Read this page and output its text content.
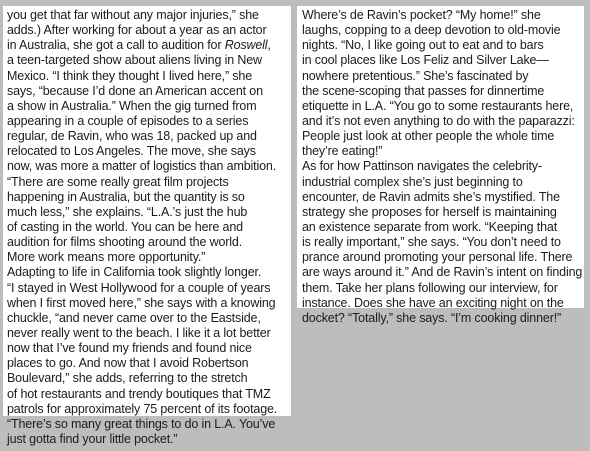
you get that far without any major injuries,” she
adds.) After working for about a year as an actor
in Australia, she got a call to audition for Roswell,
a teen-targeted show about aliens living in New
Mexico. “I think they thought I lived here,” she
says, “because I’d done an American accent on
a show in Australia.” When the gig turned from
appearing in a couple of episodes to a series
regular, de Ravin, who was 18, packed up and
relocated to Los Angeles. The move, she says
now, was more a matter of logistics than ambition.
“There are some really great film projects
happening in Australia, but the quantity is so
much less,” she explains. “L.A.’s just the hub
of casting in the world. You can be here and
audition for films shooting around the world.
More work means more opportunity.”
Adapting to life in California took slightly longer.
“I stayed in West Hollywood for a couple of years
when I first moved here,” she says with a knowing
chuckle, “and never came over to the Eastside,
never really went to the beach. I like it a lot better
now that I’ve found my friends and found nice
places to go. And now that I avoid Robertson
Boulevard,” she adds, referring to the stretch
of hot restaurants and trendy boutiques that TMZ
patrols for approximately 75 percent of its footage.
“There’s so many great things to do in L.A. You’ve
just gotta find your little pocket.”
Where’s de Ravin’s pocket? “My home!” she
laughs, copping to a deep devotion to old-movie
nights. “No, I like going out to eat and to bars
in cool places like Los Feliz and Silver Lake—
nowhere pretentious.” She’s fascinated by
the scene-scoping that passes for dinnertime
etiquette in L.A. “You go to some restaurants here,
and it’s not even anything to do with the paparazzi:
People just look at other people the whole time
they’re eating!”
As for how Pattinson navigates the celebrity-
industrial complex she’s just beginning to
encounter, de Ravin admits she’s mystified. The
strategy she proposes for herself is maintaining
an existence separate from work. “Keeping that
is really important,” she says. “You don’t need to
prance around promoting your personal life. There
are ways around it.” And de Ravin’s intent on finding
them. Take her plans following our interview, for
instance. Does she have an exciting night on the
docket? “Totally,” she says. “I’m cooking dinner!”
